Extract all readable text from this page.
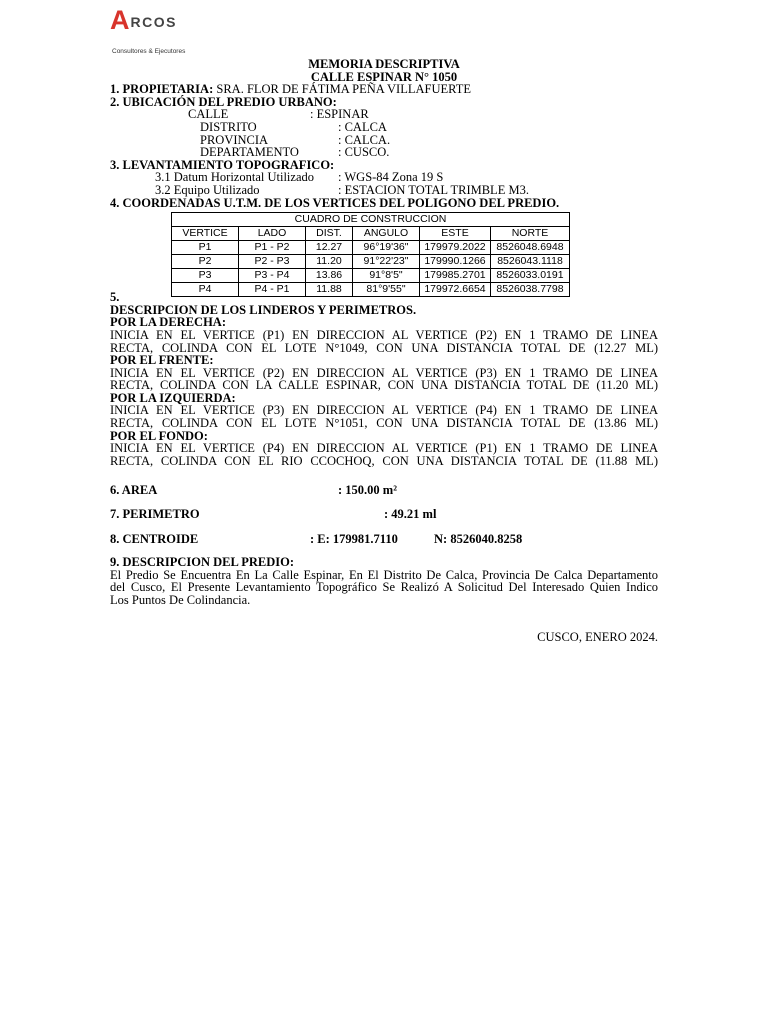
A RCOS
Consultores & Ejecutores
MEMORIA DESCRIPTIVA
CALLE ESPINAR N° 1050
1. PROPIETARIA: SRA. FLOR DE FÁTIMA PEÑA VILLAFUERTE
2. UBICACIÓN DEL PREDIO URBANO:
CALLE	: ESPINAR
DISTRITO	: CALCA
PROVINCIA	: CALCA.
DEPARTAMENTO	: CUSCO.
3. LEVANTAMIENTO TOPOGRAFICO:
3.1 Datum Horizontal Utilizado : WGS-84 Zona 19 S
3.2 Equipo Utilizado	: ESTACION TOTAL TRIMBLE M3.
4. COORDENADAS U.T.M. DE LOS VERTICES DEL POLIGONO DEL PREDIO.
CUADRO DE CONSTRUCCION					
VERTICE	LADO	DIST.	ANGULO	ESTE	NORTE
P1	P1 - P2	12.27	96°19'36"	179979.2022	8526048.6948
P2	P2 - P3	11.20	91°22'23"	179990.1266	8526043.1118
P3	P3 - P4	13.86	91°8'5"	179985.2701	8526033.0191
P4	P4 - P1	11.88	81°9'55"	179972.6654	8526038.7798
5.
DESCRIPCION DE LOS LINDEROS Y PERIMETROS.
POR LA DERECHA:
INICIA EN EL VERTICE (P1) EN DIRECCION AL VERTICE (P2) EN 1 TRAMO DE LINEA
RECTA, COLINDA CON EL LOTE N°1049, CON UNA DISTANCIA TOTAL DE (12.27 ML)
POR EL FRENTE:
INICIA EN EL VERTICE (P2) EN DIRECCION AL VERTICE (P3) EN 1 TRAMO DE LINEA
RECTA, COLINDA CON LA CALLE ESPINAR, CON UNA DISTANCIA TOTAL DE (11.20 ML)
POR LA IZQUIERDA:
INICIA EN EL VERTICE (P3) EN DIRECCION AL VERTICE (P4) EN 1 TRAMO DE LINEA
RECTA, COLINDA CON EL LOTE N°1051, CON UNA DISTANCIA TOTAL DE (13.86 ML)
POR EL FONDO:
INICIA EN EL VERTICE (P4) EN DIRECCION AL VERTICE (P1) EN 1 TRAMO DE LINEA
RECTA, COLINDA CON EL RIO CCOCHOQ, CON UNA DISTANCIA TOTAL DE (11.88 ML)
6. AREA	: 150.00 m²
7. PERIMETRO	: 49.21 ml
8. CENTROIDE	: E: 179981.7110	N: 8526040.8258
9. DESCRIPCION DEL PREDIO:
El Predio Se Encuentra En La Calle Espinar, En El Distrito De Calca, Provincia De Calca Departamento
del Cusco, El Presente Levantamiento Topográfico Se Realizó A Solicitud Del Interesado Quien Indico
Los Puntos De Colindancia.
CUSCO, ENERO 2024.
